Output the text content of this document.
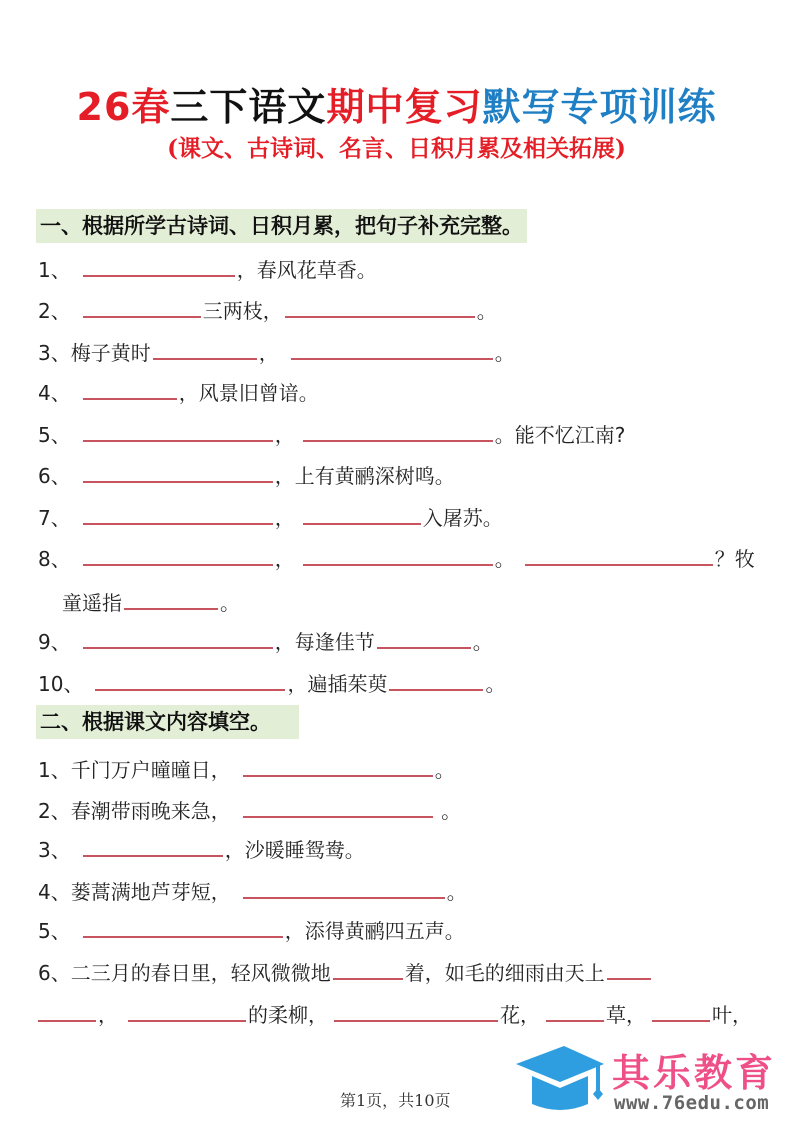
26春三下语文期中复习默写专项训练
(课文、古诗词、名言、日积月累及相关拓展)
一、根据所学古诗词、日积月累，把句子补充完整。
1、	，春风花草香。
2、	三两枝，	。
3、梅子黄时	，	。
4、	，风景旧曾谙。
5、	，	。能不忆江南?
6、	，上有黄鹂深树鸣。
7、	，	入屠苏。
8、	，	。	？牧
童遥指	。
9、	，每逢佳节	。
10、	，遍插茱萸	。
二、根据课文内容填空。
1、千门万户曈曈日，	。
2、春潮带雨晚来急，	。
3、	，沙暖睡鸳鸯。
4、蒌蒿满地芦芽短，	。
5、	，添得黄鹂四五声。
6、二三月的春日里，轻风微微地	着，如毛的细雨由天上
，	的柔柳，	花，	草，	叶，
第1页，共10页
其乐教育
www.76edu.com
